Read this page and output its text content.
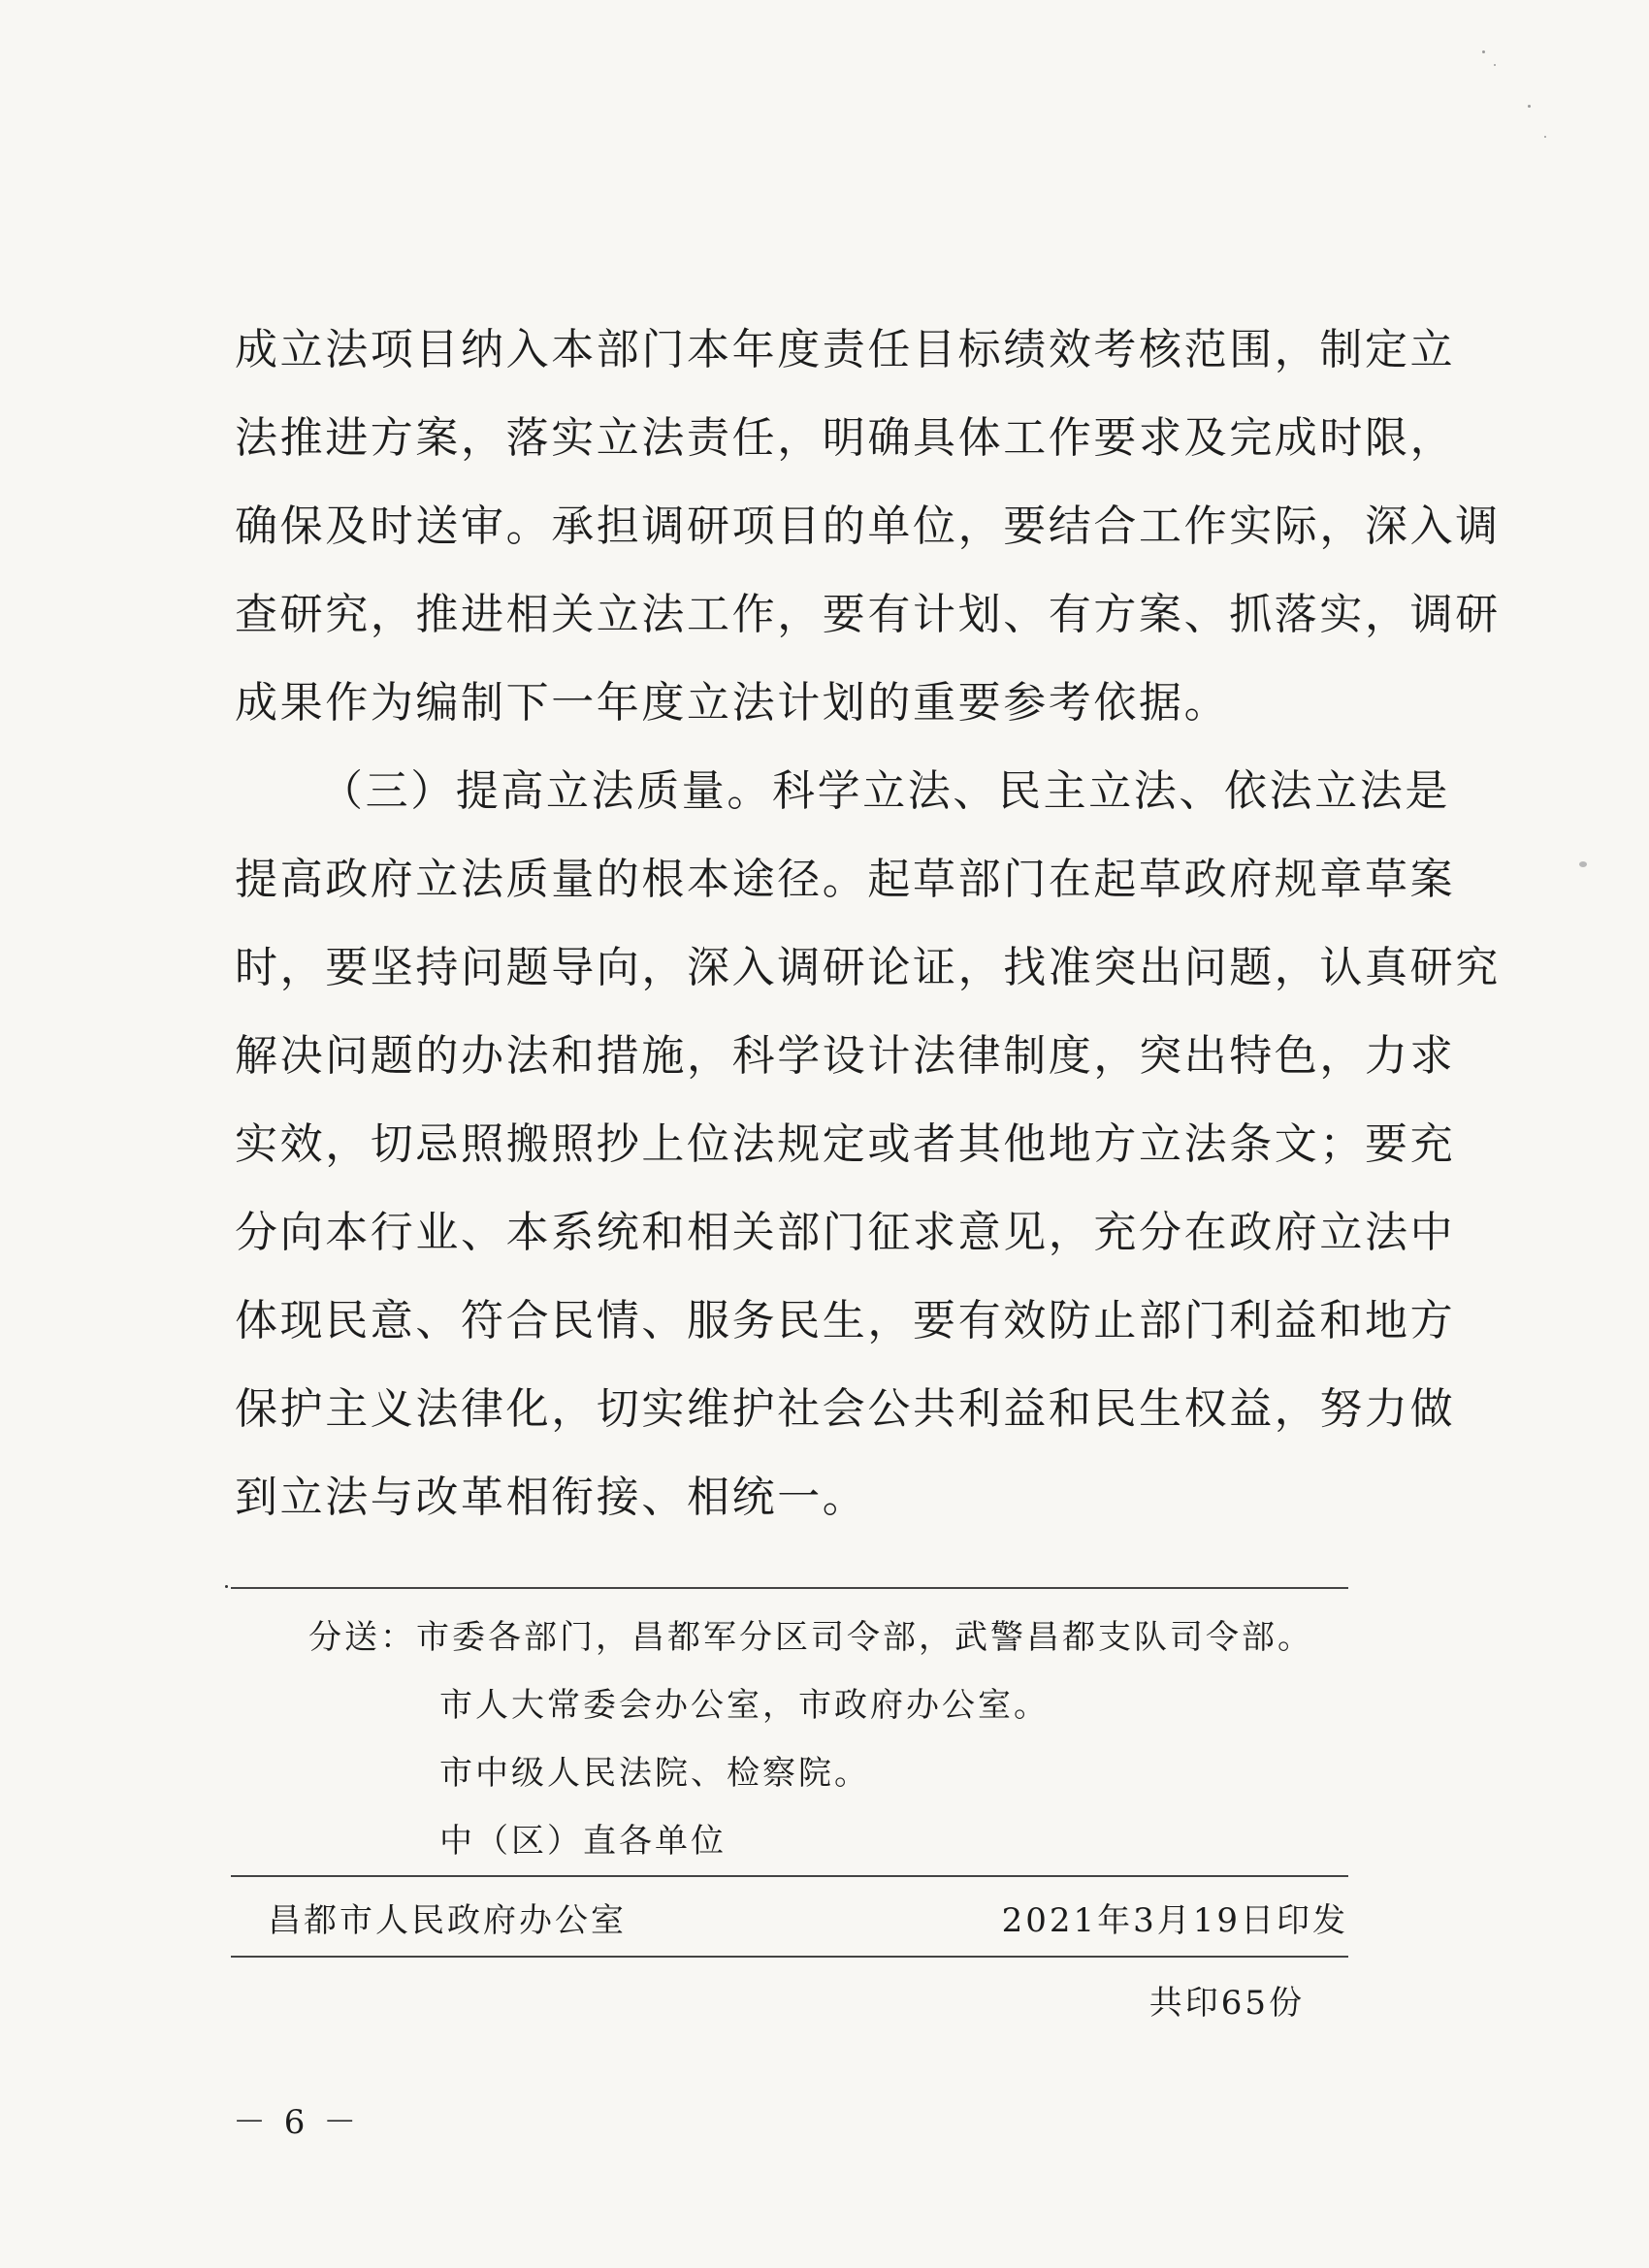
成立法项目纳入本部门本年度责任目标绩效考核范围，制定立
法推进方案，落实立法责任，明确具体工作要求及完成时限，
确保及时送审。承担调研项目的单位，要结合工作实际，深入调
查研究，推进相关立法工作，要有计划、有方案、抓落实，调研
成果作为编制下一年度立法计划的重要参考依据。
（三）提高立法质量。科学立法、民主立法、依法立法是
提高政府立法质量的根本途径。起草部门在起草政府规章草案
时，要坚持问题导向，深入调研论证，找准突出问题，认真研究
解决问题的办法和措施，科学设计法律制度，突出特色，力求
实效，切忌照搬照抄上位法规定或者其他地方立法条文；要充
分向本行业、本系统和相关部门征求意见，充分在政府立法中
体现民意、符合民情、服务民生，要有效防止部门利益和地方
保护主义法律化，切实维护社会公共利益和民生权益，努力做
到立法与改革相衔接、相统一。
分送：市委各部门，昌都军分区司令部，武警昌都支队司令部。
市人大常委会办公室，市政府办公室。
市中级人民法院、检察院。
中（区）直各单位
昌都市人民政府办公室	2021年3月19日印发
共印65份
－ 6 －
